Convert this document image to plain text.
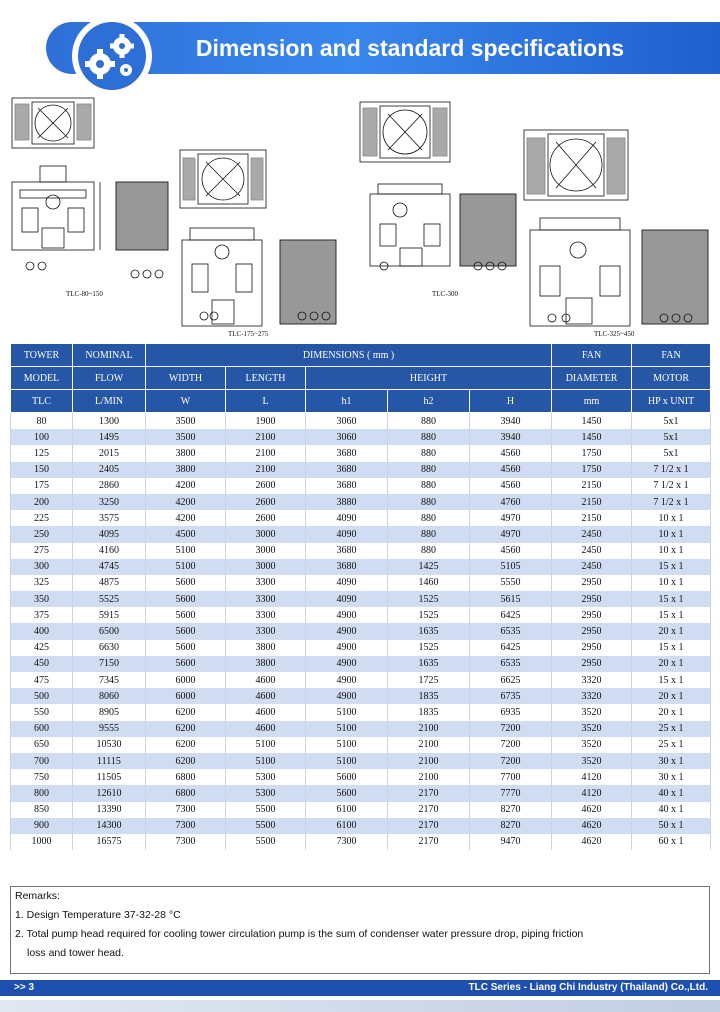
Dimension and standard specifications
TLC-80~150
TLC-175~275
TLC-300
TLC-325~450
TOWER	NOMINAL	DIMENSIONS ( mm )					FAN	FAN
MODEL	FLOW	WIDTH	LENGTH	HEIGHT			DIAMETER	MOTOR
TLC	L/MIN	W	L	h1	h2	H	mm	HP x UNIT
80	1300	3500	1900	3060	880	3940	1450	5x1
100	1495	3500	2100	3060	880	3940	1450	5x1
125	2015	3800	2100	3680	880	4560	1750	5x1
150	2405	3800	2100	3680	880	4560	1750	7 1/2 x 1
175	2860	4200	2600	3680	880	4560	2150	7 1/2 x 1
200	3250	4200	2600	3880	880	4760	2150	7 1/2 x 1
225	3575	4200	2600	4090	880	4970	2150	10 x 1
250	4095	4500	3000	4090	880	4970	2450	10 x 1
275	4160	5100	3000	3680	880	4560	2450	10 x 1
300	4745	5100	3000	3680	1425	5105	2450	15 x 1
325	4875	5600	3300	4090	1460	5550	2950	10 x 1
350	5525	5600	3300	4090	1525	5615	2950	15 x 1
375	5915	5600	3300	4900	1525	6425	2950	15 x 1
400	6500	5600	3300	4900	1635	6535	2950	20 x 1
425	6630	5600	3800	4900	1525	6425	2950	15 x 1
450	7150	5600	3800	4900	1635	6535	2950	20 x 1
475	7345	6000	4600	4900	1725	6625	3320	15 x 1
500	8060	6000	4600	4900	1835	6735	3320	20 x 1
550	8905	6200	4600	5100	1835	6935	3520	20 x 1
600	9555	6200	4600	5100	2100	7200	3520	25 x 1
650	10530	6200	5100	5100	2100	7200	3520	25 x 1
700	11115	6200	5100	5100	2100	7200	3520	30 x 1
750	11505	6800	5300	5600	2100	7700	4120	30 x 1
800	12610	6800	5300	5600	2170	7770	4120	40 x 1
850	13390	7300	5500	6100	2170	8270	4620	40 x 1
900	14300	7300	5500	6100	2170	8270	4620	50 x 1
1000	16575	7300	5500	7300	2170	9470	4620	60 x 1
Remarks:
1. Design Temperature 37-32-28 °C
2. Total pump head required for cooling tower circulation pump is the sum of condenser water pressure drop, piping friction
loss and tower head.
>> 3	TLC Series - Liang Chi Industry (Thailand) Co.,Ltd.
